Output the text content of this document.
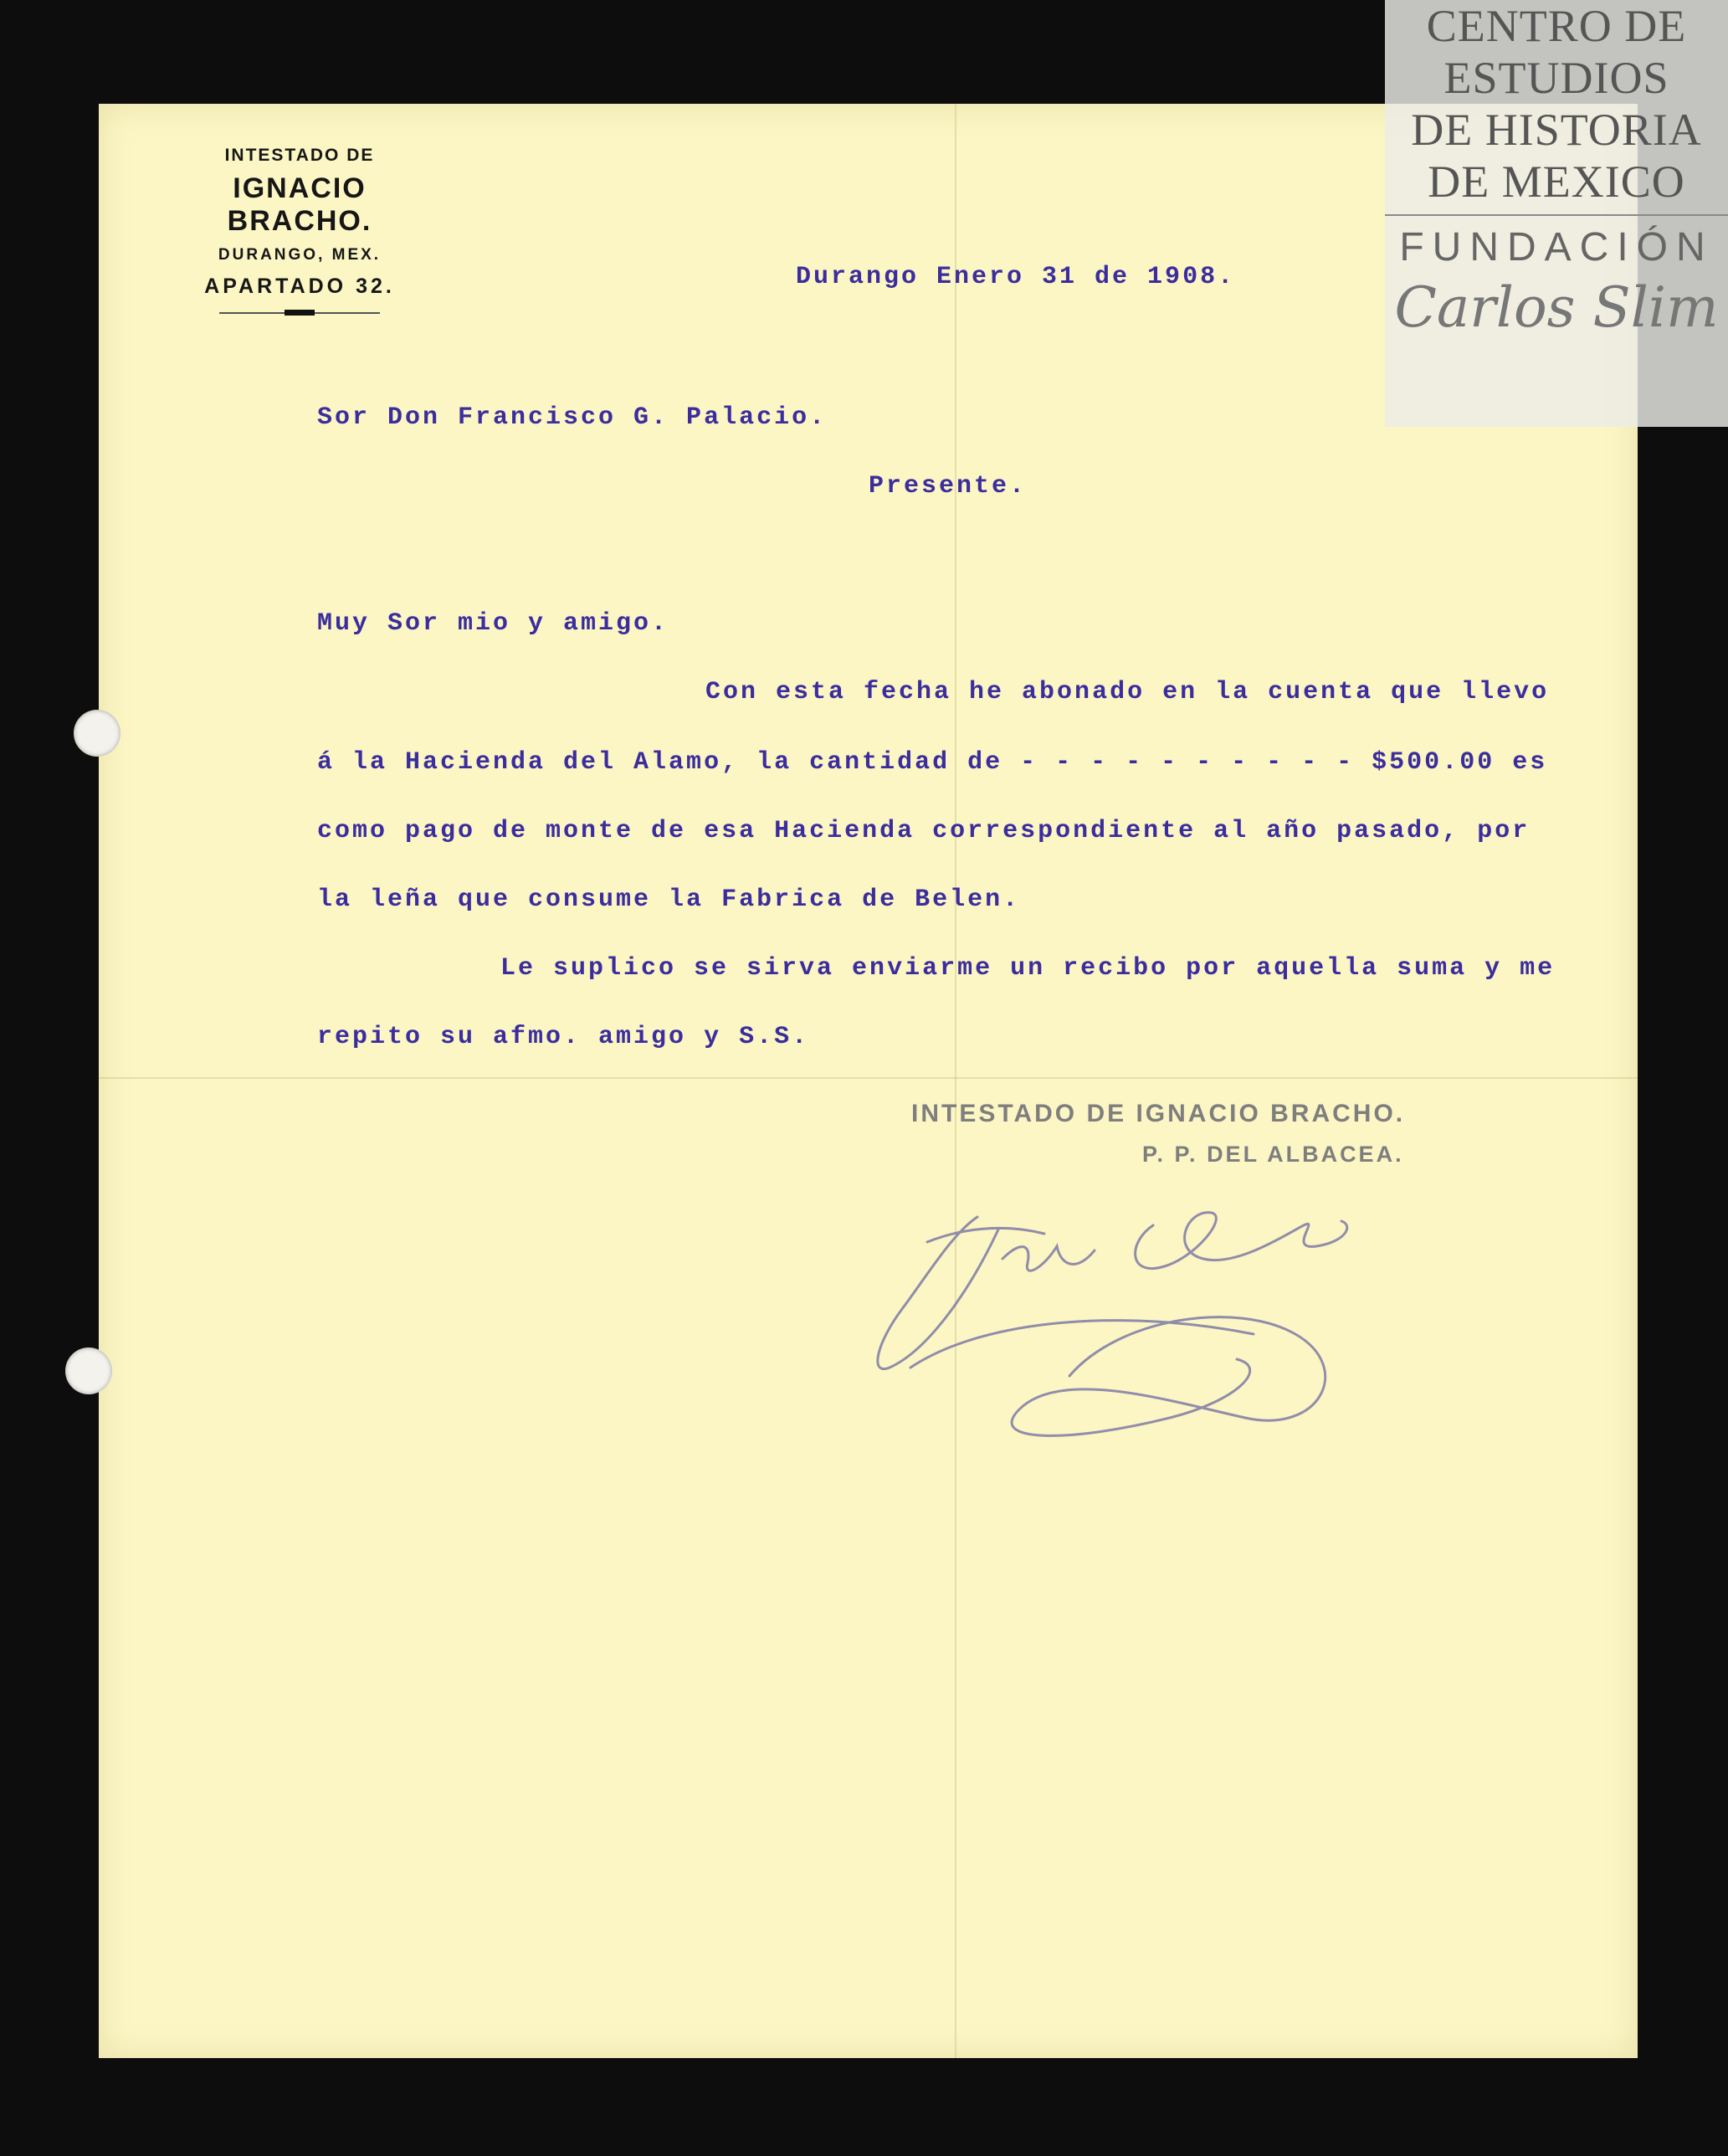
INTESTADO DE
IGNACIO BRACHO.
DURANGO, MEX.
APARTADO 32.	Durango Enero 31 de 1908.
Sor Don Francisco G. Palacio.
Presente.
Muy Sor mio y amigo.
Con esta fecha he abonado en la cuenta que llevo
á la Hacienda del Alamo, la cantidad de - - - - - - - - - - $500.00 es
como pago de monte de esa Hacienda correspondiente al año pasado, por
la leña que consume la Fabrica de Belen.
Le suplico se sirva enviarme un recibo por aquella suma y me
repito su afmo. amigo y S.S.
INTESTADO DE IGNACIO BRACHO.
P. P. DEL ALBACEA.
CENTRO DE
ESTUDIOS
DE HISTORIA
DE MEXICO
FUNDACIÓN
Carlos Slim
